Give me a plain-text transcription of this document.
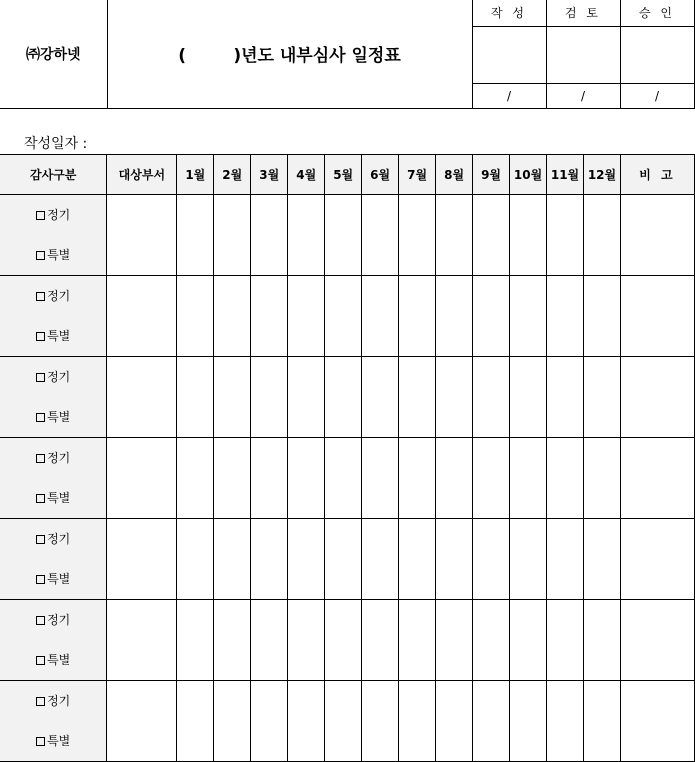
㈜강하넷	(        )년도 내부심사 일정표	작 성	검 토	승 인

		/	/	/
작성일자 :
감사구분	대상부서	1월	2월	3월	4월	5월	6월	7월	8월	9월	10월	11월	12월	비 고

정기
특별														

정기
특별														

정기
특별														

정기
특별														

정기
특별														

정기
특별														

정기
특별														
